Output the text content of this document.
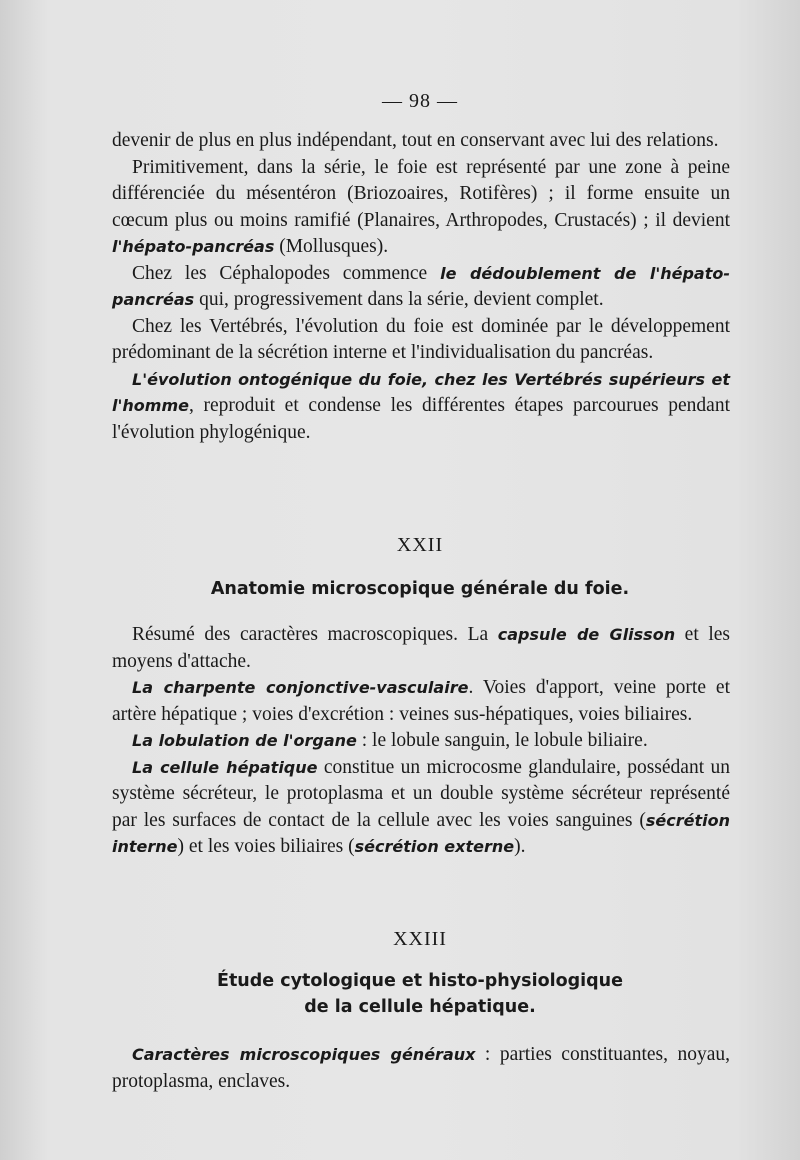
— 98 —

devenir de plus en plus indépendant, tout en conservant avec lui des relations.

Primitivement, dans la série, le foie est représenté par une zone à peine différenciée du mésentéron (Briozoaires, Rotifères) ; il forme ensuite un cœcum plus ou moins ramifié (Planaires, Arthropodes, Crustacés) ; il devient l'hépato-pancréas (Mollusques).

Chez les Céphalopodes commence le dédoublement de l'hépato-pancréas qui, progressivement dans la série, devient complet.

Chez les Vertébrés, l'évolution du foie est dominée par le développement prédominant de la sécrétion interne et l'individualisation du pancréas.

L'évolution ontogénique du foie, chez les Vertébrés supérieurs et l'homme, reproduit et condense les différentes étapes parcourues pendant l'évolution phylogénique.

XXII
Anatomie microscopique générale du foie.

Résumé des caractères macroscopiques. La capsule de Glisson et les moyens d'attache.

La charpente conjonctive-vasculaire. Voies d'apport, veine porte et artère hépatique ; voies d'excrétion : veines sus-hépatiques, voies biliaires.

La lobulation de l'organe : le lobule sanguin, le lobule biliaire.

La cellule hépatique constitue un microcosme glandulaire, possédant un système sécréteur, le protoplasma et un double système sécréteur représenté par les surfaces de contact de la cellule avec les voies sanguines (sécrétion interne) et les voies biliaires (sécrétion externe).

XXIII
Étude cytologique et histo-physiologique
de la cellule hépatique.

Caractères microscopiques généraux : parties constituantes, noyau, protoplasma, enclaves.
